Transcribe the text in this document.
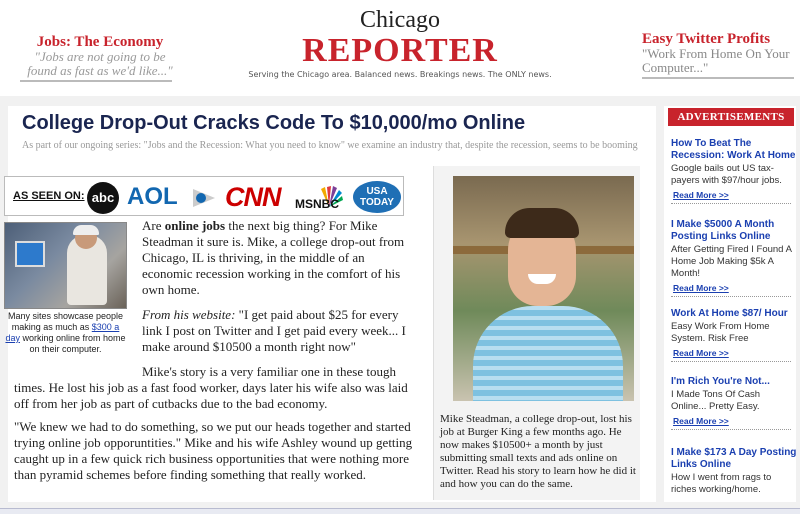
Jobs: The Economy
"Jobs are not going to be found as fast as we'd like..."
Chicago
REPORTER
Serving the Chicago area. Balanced news. Breakings news. The ONLY news.
Easy Twitter Profits
"Work From Home On Your Computer..."
College Drop-Out Cracks Code To $10,000/mo Online
As part of our ongoing series: "Jobs and the Recession: What you need to know" we examine an industry that, despite the recession, seems to be booming
AS SEEN ON: abc AOL CNN MSNBC
USA TODAY
Many sites showcase people making as much as $300 a day working online from home on their computer.

Are online jobs the next big thing? For Mike Steadman it sure is. Mike, a college drop-out from Chicago, IL is thriving, in the middle of an economic recession working in the comfort of his own home.

From his website: "I get paid about $25 for every link I post on Twitter and I get paid every week... I make around $10500 a month right now"

Mike's story is a very familiar one in these tough times. He lost his job as a fast food worker, days later his wife also was laid off from her job as part of cutbacks due to the bad economy.

"We knew we had to do something, so we put our heads together and started trying online job opporuntities." Mike and his wife Ashley wound up getting caught up in a few quick rich business opportunities that were nothing more than pyramid schemes before finding something that really worked.

Mike Steadman, a college drop-out, lost his job at Burger King a few months ago. He now makes $10500+ a month by just submitting small texts and ads online on Twitter. Read his story to learn how he did it and how you can do the same.
ADVERTISEMENTS
How To Beat The Recession: Work At Home
Google bails out US tax-payers with $97/hour jobs.
Read More >>
I Make $5000 A Month Posting Links Online
After Getting Fired I Found A Home Job Making $5k A Month!
Read More >>
Work At Home $87/ Hour
Easy Work From Home System. Risk Free
Read More >>
I'm Rich You're Not...
I Made Tons Of Cash Online... Pretty Easy.
Read More >>
I Make $173 A Day Posting Links Online
How I went from rags to riches working/home.
